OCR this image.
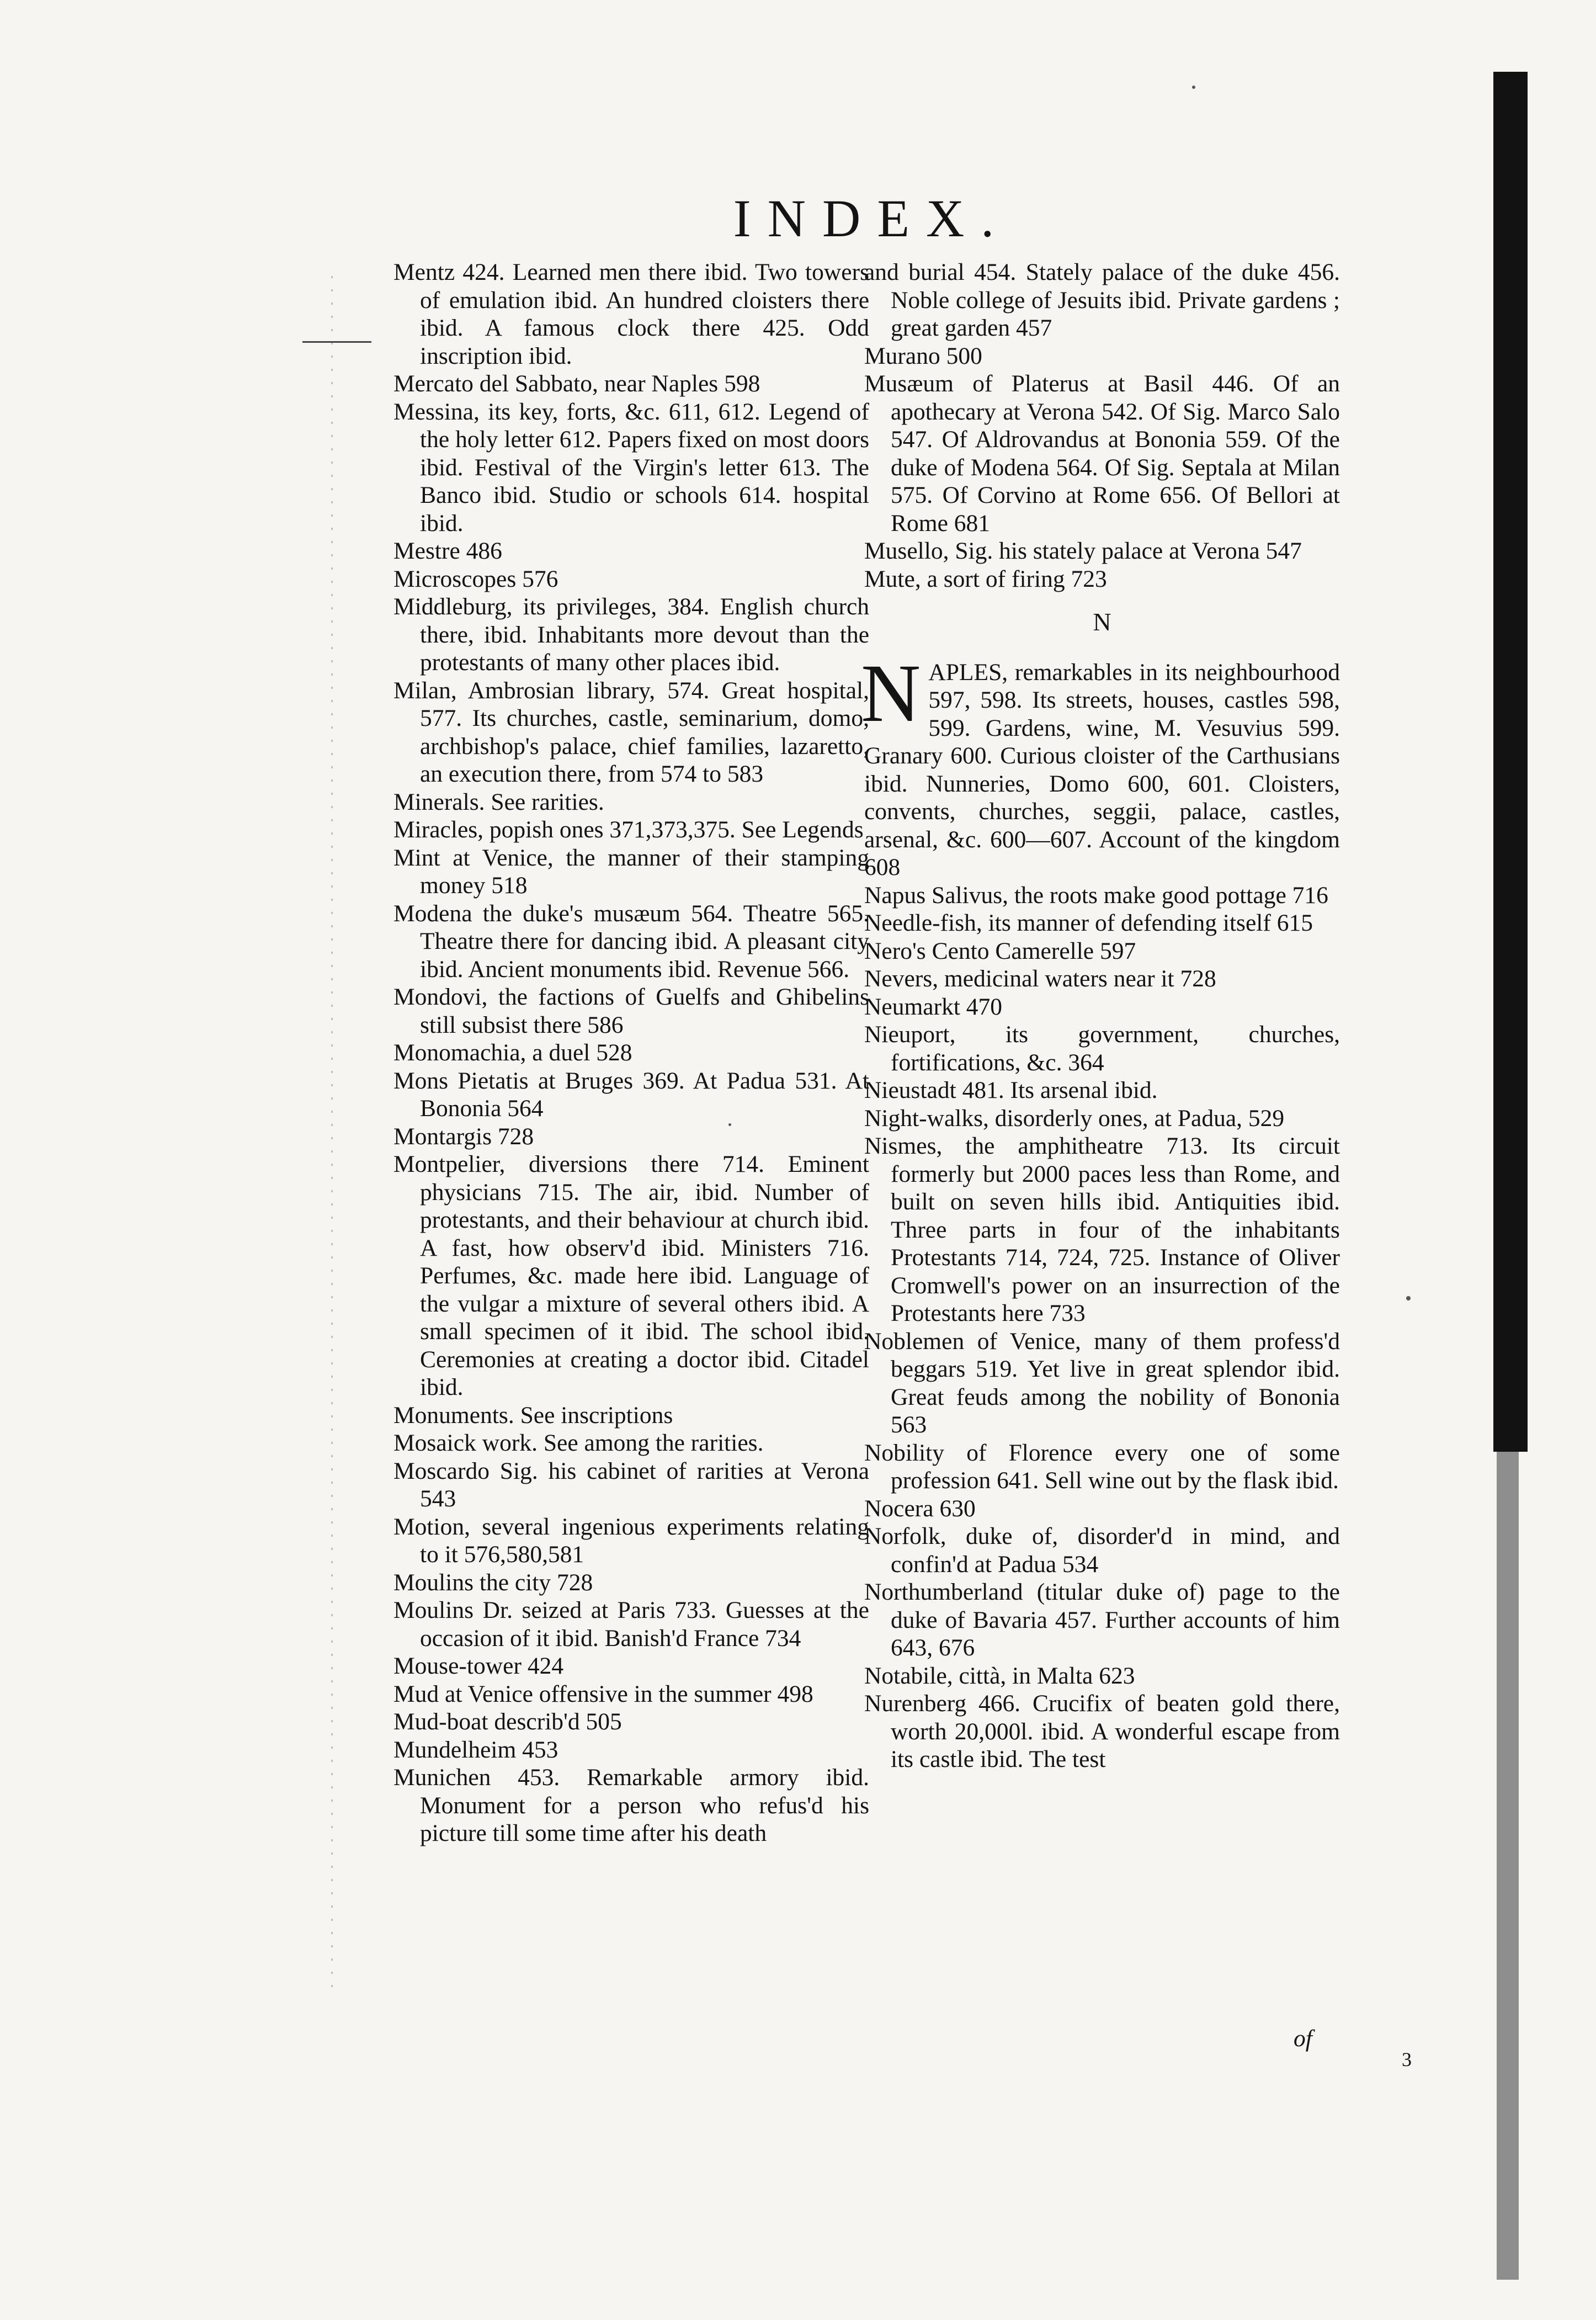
INDEX.

Mentz 424. Learned men there ibid. Two towers of emulation ibid. An hundred cloisters there ibid. A famous clock there 425. Odd inscription ibid.

Mercato del Sabbato, near Naples 598

Messina, its key, forts, &c. 611, 612. Legend of the holy letter 612. Papers fixed on most doors ibid. Festival of the Virgin's letter 613. The Banco ibid. Studio or schools 614. hospital ibid.

Mestre 486

Microscopes 576

Middleburg, its privileges, 384. English church there, ibid. Inhabitants more devout than the protestants of many other places ibid.

Milan, Ambrosian library, 574. Great hospital, 577. Its churches, castle, seminarium, domo, archbishop's palace, chief families, lazaretto, an execution there, from 574 to 583

Minerals. See rarities.

Miracles, popish ones 371,373,375. See Legends

Mint at Venice, the manner of their stamping money 518

Modena the duke's musæum 564. Theatre 565. Theatre there for dancing ibid. A pleasant city ibid. Ancient monuments ibid. Revenue 566.

Mondovi, the factions of Guelfs and Ghibelins still subsist there 586

Monomachia, a duel 528

Mons Pietatis at Bruges 369. At Padua 531. At Bononia 564

Montargis 728

Montpelier, diversions there 714. Eminent physicians 715. The air, ibid. Number of protestants, and their behaviour at church ibid. A fast, how observ'd ibid. Ministers 716. Perfumes, &c. made here ibid. Language of the vulgar a mixture of several others ibid. A small specimen of it ibid. The school ibid. Ceremonies at creating a doctor ibid. Citadel ibid.

Monuments. See inscriptions

Mosaick work. See among the rarities.

Moscardo Sig. his cabinet of rarities at Verona 543

Motion, several ingenious experiments relating to it 576,580,581

Moulins the city 728

Moulins Dr. seized at Paris 733. Guesses at the occasion of it ibid. Banish'd France 734

Mouse-tower 424

Mud at Venice offensive in the summer 498

Mud-boat describ'd 505

Mundelheim 453

Munichen 453. Remarkable armory ibid. Monument for a person who refus'd his picture till some time after his death

and burial 454. Stately palace of the duke 456. Noble college of Jesuits ibid. Private gardens ; great garden 457

Murano 500

Musæum of Platerus at Basil 446. Of an apothecary at Verona 542. Of Sig. Marco Salo 547. Of Aldrovandus at Bononia 559. Of the duke of Modena 564. Of Sig. Septala at Milan 575. Of Corvino at Rome 656. Of Bellori at Rome 681

Musello, Sig. his stately palace at Verona 547

Mute, a sort of firing 723

N

NAPLES, remarkables in its neighbourhood 597, 598. Its streets, houses, castles 598, 599. Gardens, wine, M. Vesuvius 599. Granary 600. Curious cloister of the Carthusians ibid. Nunneries, Domo 600, 601. Cloisters, convents, churches, seggii, palace, castles, arsenal, &c. 600—607. Account of the kingdom 608

Napus Salivus, the roots make good pottage 716

Needle-fish, its manner of defending itself 615

Nero's Cento Camerelle 597

Nevers, medicinal waters near it 728

Neumarkt 470

Nieuport, its government, churches, fortifications, &c. 364

Nieustadt 481. Its arsenal ibid.

Night-walks, disorderly ones, at Padua, 529

Nismes, the amphitheatre 713. Its circuit formerly but 2000 paces less than Rome, and built on seven hills ibid. Antiquities ibid. Three parts in four of the inhabitants Protestants 714, 724, 725. Instance of Oliver Cromwell's power on an insurrection of the Protestants here 733

Noblemen of Venice, many of them profess'd beggars 519. Yet live in great splendor ibid. Great feuds among the nobility of Bononia 563

Nobility of Florence every one of some profession 641. Sell wine out by the flask ibid.

Nocera 630

Norfolk, duke of, disorder'd in mind, and confin'd at Padua 534

Northumberland (titular duke of) page to the duke of Bavaria 457. Further accounts of him 643, 676

Notabile, città, in Malta 623

Nurenberg 466. Crucifix of beaten gold there, worth 20,000l. ibid. A wonderful escape from its castle ibid. The test

of
3
